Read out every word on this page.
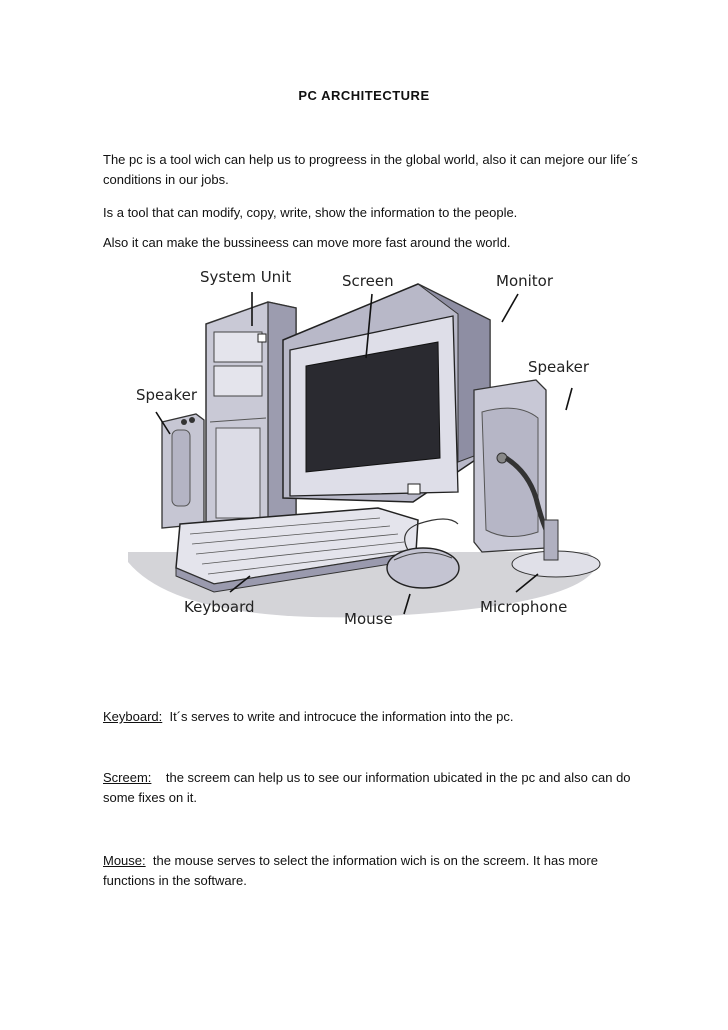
PC ARCHITECTURE
The pc is a tool wich can help us to progreess in the global world, also it can mejore our life´s conditions in our jobs.
Is a tool that can modify, copy, write, show the information to the people.
Also it can make the bussineess can move more fast around the world.
System Unit	Screen	Monitor
Speaker
Speaker
Keyboard
Mouse
Microphone
Keyboard: It´s serves to write and introcuce the information into the pc.
Screem: the screem can help us to see our information ubicated in the pc and also can do some fixes on it.
Mouse: the mouse serves to select the information wich is on the screem. It has more functions in the software.
